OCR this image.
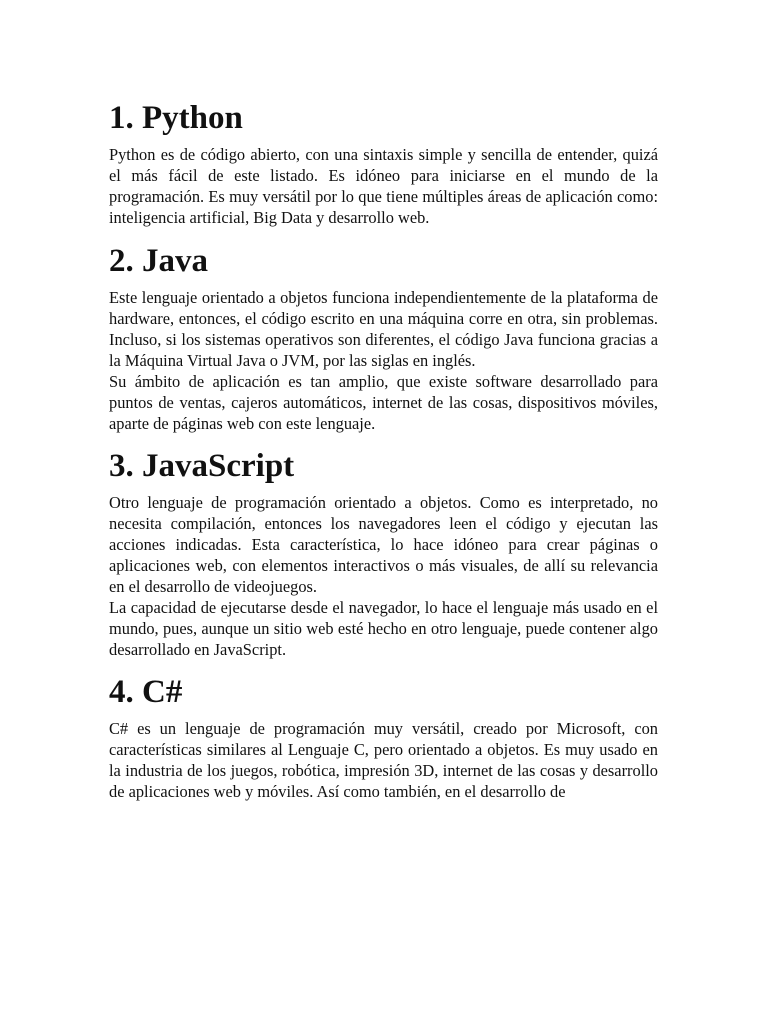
1. Python

Python es de código abierto, con una sintaxis simple y sencilla de entender, quizá el más fácil de este listado. Es idóneo para iniciarse en el mundo de la programación. Es muy versátil por lo que tiene múltiples áreas de aplicación como: inteligencia artificial, Big Data y desarrollo web.

2. Java

Este lenguaje orientado a objetos funciona independientemente de la plataforma de hardware, entonces, el código escrito en una máquina corre en otra, sin problemas. Incluso, si los sistemas operativos son diferentes, el código Java funciona gracias a la Máquina Virtual Java o JVM, por las siglas en inglés.

Su ámbito de aplicación es tan amplio, que existe software desarrollado para puntos de ventas, cajeros automáticos, internet de las cosas, dispositivos móviles, aparte de páginas web con este lenguaje.

3. JavaScript

Otro lenguaje de programación orientado a objetos. Como es interpretado, no necesita compilación, entonces los navegadores leen el código y ejecutan las acciones indicadas. Esta característica, lo hace idóneo para crear páginas o aplicaciones web, con elementos interactivos o más visuales, de allí su relevancia en el desarrollo de videojuegos.

La capacidad de ejecutarse desde el navegador, lo hace el lenguaje más usado en el mundo, pues, aunque un sitio web esté hecho en otro lenguaje, puede contener algo desarrollado en JavaScript.

4. C#

C# es un lenguaje de programación muy versátil, creado por Microsoft, con características similares al Lenguaje C, pero orientado a objetos. Es muy usado en la industria de los juegos, robótica, impresión 3D, internet de las cosas y desarrollo de aplicaciones web y móviles. Así como también, en el desarrollo de
